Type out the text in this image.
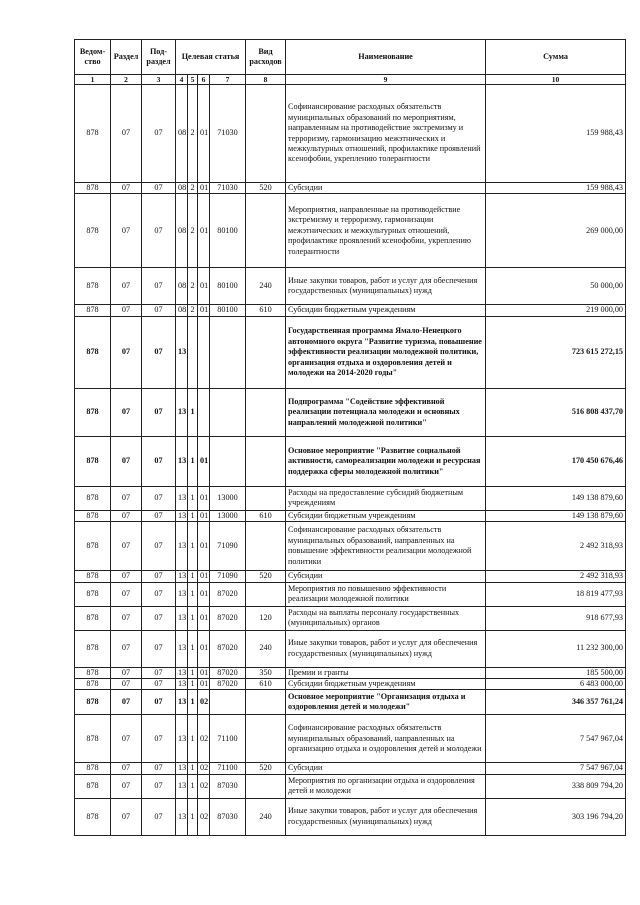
Ведом-ство	Раздел	Под-раздел	Целевая статья				Вид расходов	Наименование	Сумма
1	2	3	4	5	6	7	8	9	10
878	07	07	08	2	01	71030		Софинансирование расходных обязательств муниципальных образований по мероприятиям, направленным на противодействие экстремизму и терроризму, гармонизацию межэтнических и межкультурных отношений, профилактике проявлений ксенофобии, укреплению толерантности	159 988,43
878	07	07	08	2	01	71030	520	Субсидии	159 988,43
878	07	07	08	2	01	80100		Мероприятия, направленные на противодействие экстремизму и терроризму, гармонизации межэтнических и межкультурных отношений, профилактике проявлений ксенофобии, укреплению толерантности	269 000,00
878	07	07	08	2	01	80100	240	Иные закупки товаров, работ и услуг для обеспечения государственных (муниципальных) нужд	50 000,00
878	07	07	08	2	01	80100	610	Субсидии бюджетным учреждениям	219 000,00
878	07	07	13					Государственная программа Ямало-Ненецкого автономного округа "Развитие туризма, повышение эффективности реализации молодежной политики, организация отдыха и оздоровления детей и молодежи на 2014-2020 годы"	723 615 272,15
878	07	07	13	1				Подпрограмма "Содействие эффективной реализации потенциала молодежи и основных направлений молодежной политики"	516 808 437,70
878	07	07	13	1	01			Основное мероприятие "Развитие социальной активности, самореализации молодежи и ресурсная поддержка сферы молодежной политики"	170 450 676,46
878	07	07	13	1	01	13000		Расходы на предоставление субсидий бюджетным учреждениям	149 138 879,60
878	07	07	13	1	01	13000	610	Субсидии бюджетным учреждениям	149 138 879,60
878	07	07	13	1	01	71090		Софинансирование расходных обязательств муниципальных образований, направленных на повышение эффективности реализации молодежной политики	2 492 318,93
878	07	07	13	1	01	71090	520	Субсидии	2 492 318,93
878	07	07	13	1	01	87020		Мероприятия по повышению эффективности реализации молодежной политики	18 819 477,93
878	07	07	13	1	01	87020	120	Расходы на выплаты персоналу государственных (муниципальных) органов	918 677,93
878	07	07	13	1	01	87020	240	Иные закупки товаров, работ и услуг для обеспечения государственных (муниципальных) нужд	11 232 300,00
878	07	07	13	1	01	87020	350	Премии и гранты	185 500,00
878	07	07	13	1	01	87020	610	Субсидии бюджетным учреждениям	6 483 000,00
878	07	07	13	1	02			Основное мероприятие "Организация отдыха и оздоровления детей и молодежи"	346 357 761,24
878	07	07	13	1	02	71100		Софинансирование расходных обязательств муниципальных образований, направленных на организацию отдыха и оздоровления детей и молодежи	7 547 967,04
878	07	07	13	1	02	71100	520	Субсидии	7 547 967,04
878	07	07	13	1	02	87030		Мероприятия по организации отдыха и оздоровления детей и молодежи	338 809 794,20
878	07	07	13	1	02	87030	240	Иные закупки товаров, работ и услуг для обеспечения государственных (муниципальных) нужд	303 196 794,20
